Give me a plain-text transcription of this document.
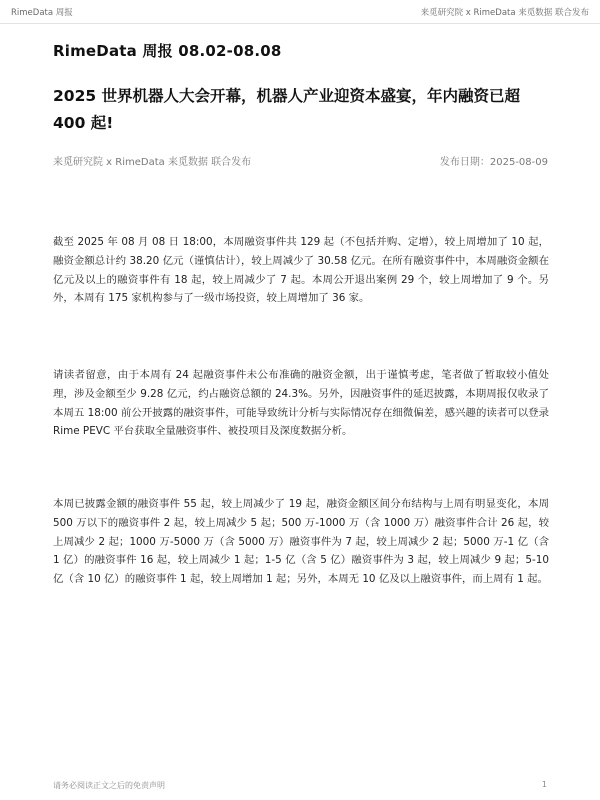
RimeData 周报	来觅研究院 x RimeData 来觅数据 联合发布
RimeData 周报 08.02-08.08
2025 世界机器人大会开幕，机器人产业迎资本盛宴，年内融资已超 400 起!
来觅研究院 x RimeData 来觅数据 联合发布	发布日期：2025-08-09

截至 2025 年 08 月 08 日 18:00，本周融资事件共 129 起（不包括并购、定增），较上周增加了 10 起，融资金额总计约 38.20 亿元（谨慎估计），较上周减少了 30.58 亿元。在所有融资事件中，本周融资金额在亿元及以上的融资事件有 18 起，较上周减少了 7 起。本周公开退出案例 29 个，较上周增加了 9 个。另外，本周有 175 家机构参与了一级市场投资，较上周增加了 36 家。

请读者留意，由于本周有 24 起融资事件未公布准确的融资金额，出于谨慎考虑，笔者做了暂取较小值处理，涉及金额至少 9.28 亿元，约占融资总额的 24.3%。另外，因融资事件的延迟披露，本期周报仅收录了本周五 18:00 前公开披露的融资事件，可能导致统计分析与实际情况存在细微偏差，感兴趣的读者可以登录 Rime PEVC 平台获取全量融资事件、被投项目及深度数据分析。

本周已披露金额的融资事件 55 起，较上周减少了 19 起，融资金额区间分布结构与上周有明显变化，本周 500 万以下的融资事件 2 起，较上周减少 5 起；500 万-1000 万（含 1000 万）融资事件合计 26 起，较上周减少 2 起；1000 万-5000 万（含 5000 万）融资事件为 7 起，较上周减少 2 起；5000 万-1 亿（含 1 亿）的融资事件 16 起，较上周减少 1 起；1-5 亿（含 5 亿）融资事件为 3 起，较上周减少 9 起；5-10 亿（含 10 亿）的融资事件 1 起，较上周增加 1 起；另外，本周无 10 亿及以上融资事件，而上周有 1 起。

请务必阅读正文之后的免责声明	1
